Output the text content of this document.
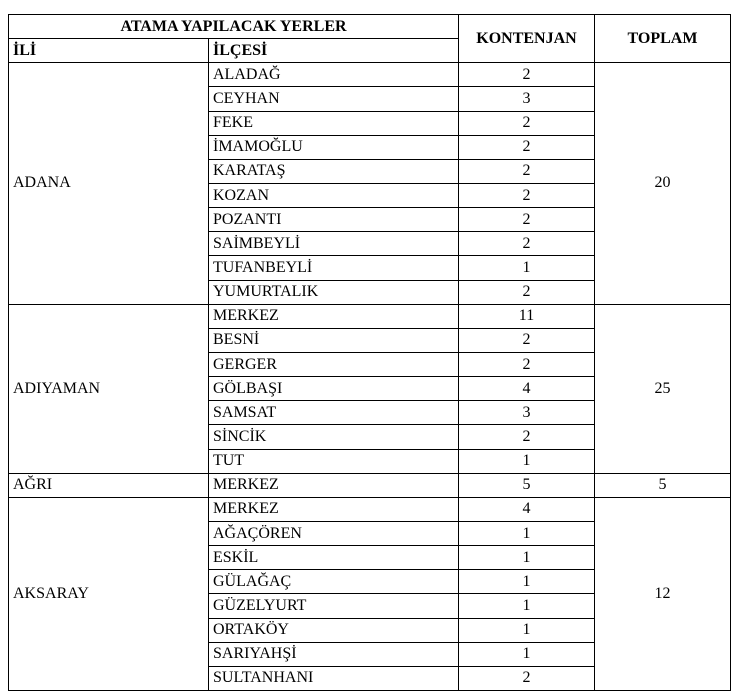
ATAMA YAPILACAK YERLER		KONTENJAN	TOPLAM
İLİ	İLÇESİ		
ADANA	ALADAĞ	2	20
	CEYHAN	3	
	FEKE	2	
	İMAMOĞLU	2	
	KARATAŞ	2	
	KOZAN	2	
	POZANTI	2	
	SAİMBEYLİ	2	
	TUFANBEYLİ	1	
	YUMURTALIK	2	
ADIYAMAN	MERKEZ	11	25
	BESNİ	2	
	GERGER	2	
	GÖLBAŞI	4	
	SAMSAT	3	
	SİNCİK	2	
	TUT	1	
AĞRI	MERKEZ	5	5
AKSARAY	MERKEZ	4	12
	AĞAÇÖREN	1	
	ESKİL	1	
	GÜLAĞAÇ	1	
	GÜZELYURT	1	
	ORTAKÖY	1	
	SARIYAHŞİ	1	
	SULTANHANI	2	
